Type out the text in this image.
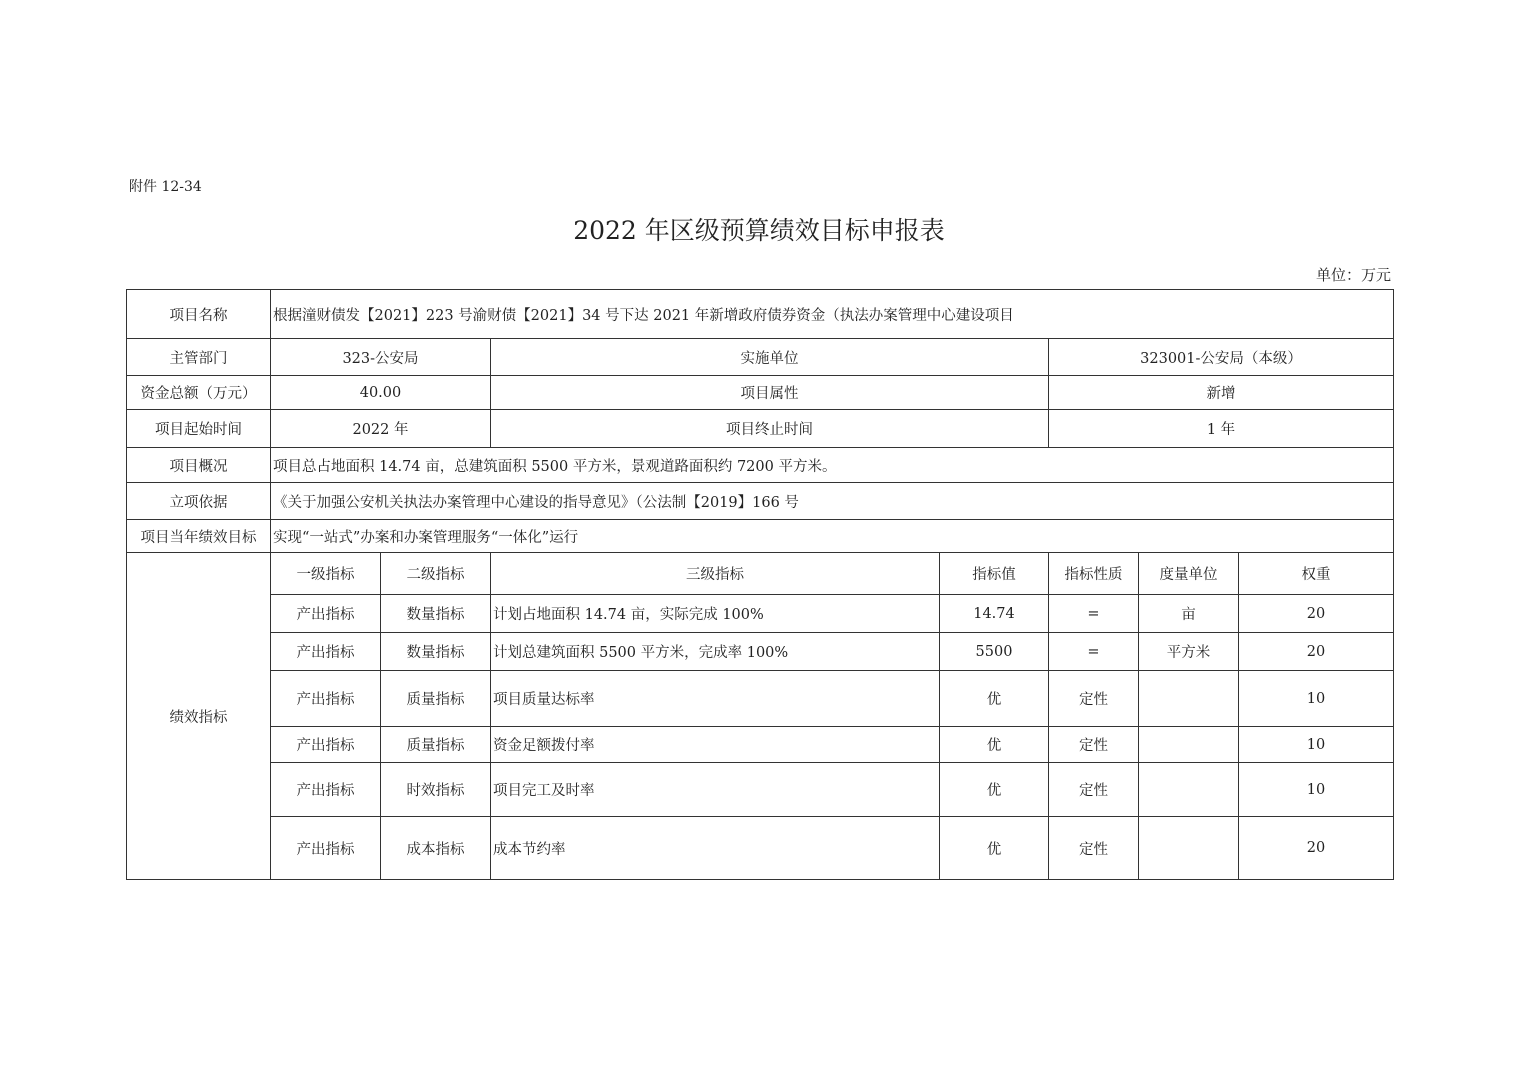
附件 12-34
2022 年区级预算绩效目标申报表
单位：万元
项目名称	根据潼财债发【2021】223 号渝财债【2021】34 号下达 2021 年新增政府债券资金（执法办案管理中心建设项目						
主管部门	323-公安局		实施单位		323001-公安局（本级）		
资金总额（万元）	40.00		项目属性		新增		
项目起始时间	2022 年		项目终止时间		1 年		
项目概况	项目总占地面积 14.74 亩，总建筑面积 5500 平方米，景观道路面积约 7200 平方米。						
立项依据	《关于加强公安机关执法办案管理中心建设的指导意见》（公法制【2019】166 号						
项目当年绩效目标	实现“一站式”办案和办案管理服务“一体化”运行						
绩效指标	一级指标	二级指标	三级指标	指标值	指标性质	度量单位	权重
	产出指标	数量指标	计划占地面积 14.74 亩，实际完成 100%	14.74	=	亩	20
	产出指标	数量指标	计划总建筑面积 5500 平方米，完成率 100%	5500	=	平方米	20
	产出指标	质量指标	项目质量达标率	优	定性		10
	产出指标	质量指标	资金足额拨付率	优	定性		10
	产出指标	时效指标	项目完工及时率	优	定性		10
	产出指标	成本指标	成本节约率	优	定性		20
